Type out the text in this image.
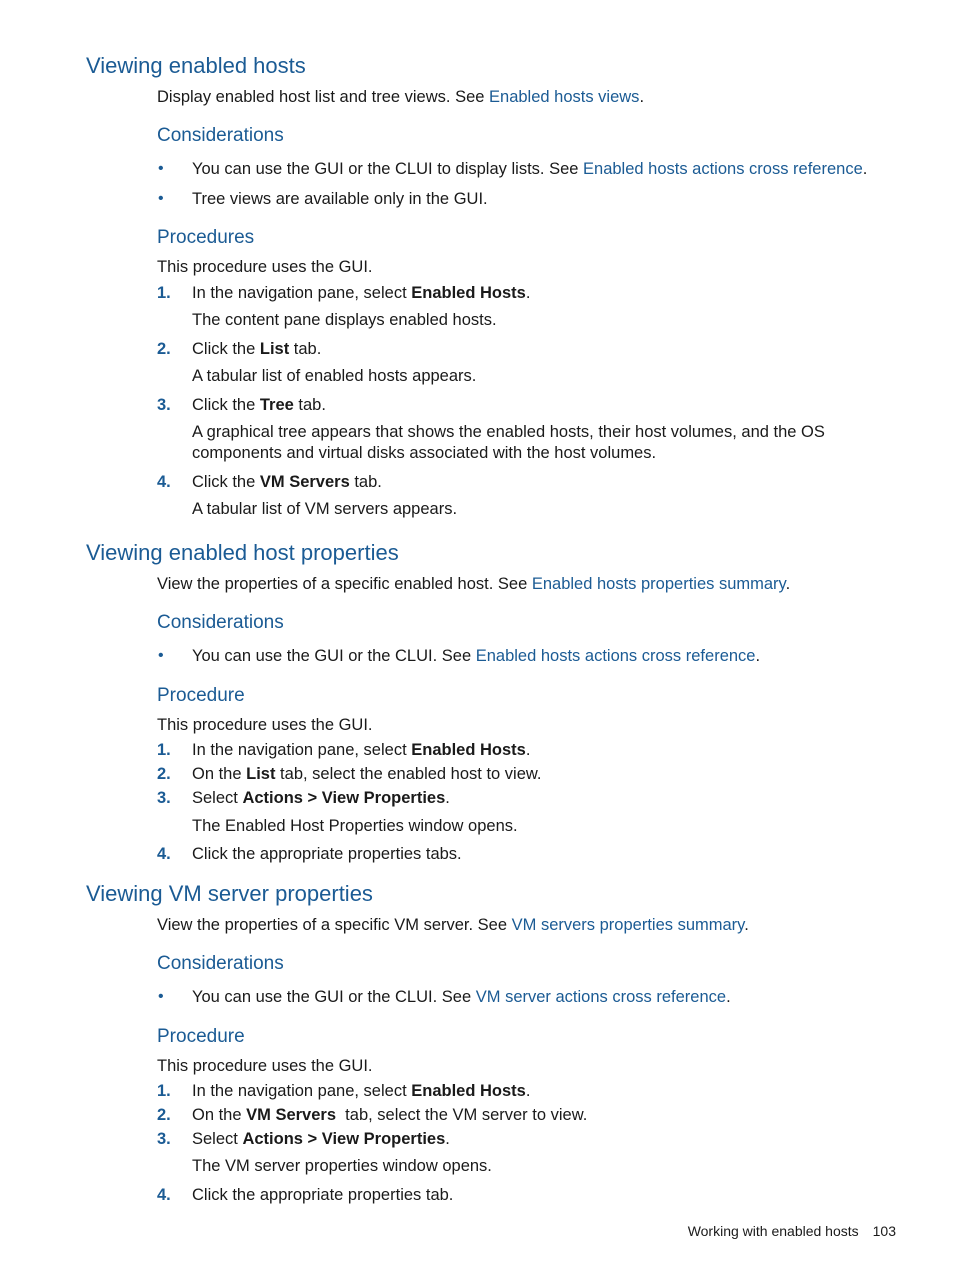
Viewing enabled hosts
Display enabled host list and tree views. See Enabled hosts views.
Considerations
• You can use the GUI or the CLUI to display lists. See Enabled hosts actions cross reference.
• Tree views are available only in the GUI.
Procedures
This procedure uses the GUI.
1. In the navigation pane, select Enabled Hosts.
The content pane displays enabled hosts.
2. Click the List tab.
A tabular list of enabled hosts appears.
3. Click the Tree tab.
A graphical tree appears that shows the enabled hosts, their host volumes, and the OS
components and virtual disks associated with the host volumes.
4. Click the VM Servers tab.
A tabular list of VM servers appears.
Viewing enabled host properties
View the properties of a specific enabled host. See Enabled hosts properties summary.
Considerations
• You can use the GUI or the CLUI. See Enabled hosts actions cross reference.
Procedure
This procedure uses the GUI.
1. In the navigation pane, select Enabled Hosts.
2. On the List tab, select the enabled host to view.
3. Select Actions > View Properties.
The Enabled Host Properties window opens.
4. Click the appropriate properties tabs.
Viewing VM server properties
View the properties of a specific VM server. See VM servers properties summary.
Considerations
• You can use the GUI or the CLUI. See VM server actions cross reference.
Procedure
This procedure uses the GUI.
1. In the navigation pane, select Enabled Hosts.
2. On the VM Servers  tab, select the VM server to view.
3. Select Actions > View Properties.
The VM server properties window opens.
4. Click the appropriate properties tab.
Working with enabled hosts 103
